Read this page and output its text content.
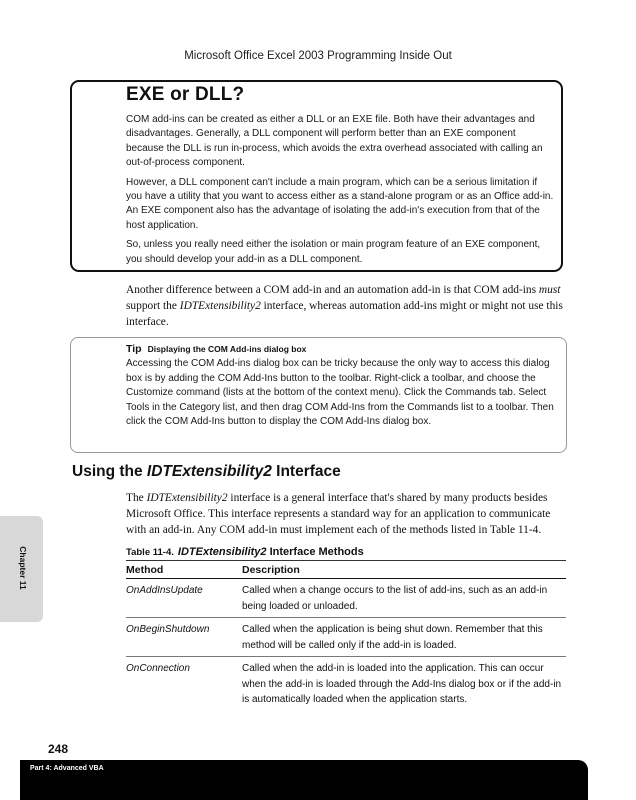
Microsoft Office Excel 2003 Programming Inside Out
EXE or DLL?

COM add-ins can be created as either a DLL or an EXE file. Both have their advantages and disadvantages. Generally, a DLL component will perform better than an EXE component because the DLL is run in-process, which avoids the extra overhead associated with calling an out-of-process component.

However, a DLL component can't include a main program, which can be a serious limitation if you have a utility that you want to access either as a stand-alone program or as an Office add-in. An EXE component also has the advantage of isolating the add-in's execution from that of the host application.

So, unless you really need either the isolation or main program feature of an EXE component, you should develop your add-in as a DLL component.

Another difference between a COM add-in and an automation add-in is that COM add-ins must support the IDTExtensibility2 interface, whereas automation add-ins might or might not use this interface.
Tip Displaying the COM Add-ins dialog box
Accessing the COM Add-ins dialog box can be tricky because the only way to access this dialog box is by adding the COM Add-Ins button to the toolbar. Right-click a toolbar, and choose the Customize command (lists at the bottom of the context menu). Click the Commands tab. Select Tools in the Category list, and then drag COM Add-Ins from the Commands list to a toolbar. Then click the COM Add-Ins button to display the COM Add-Ins dialog box.
Using the IDTExtensibility2 Interface
The IDTExtensibility2 interface is a general interface that's shared by many products besides Microsoft Office. This interface represents a standard way for an application to communicate with an add-in. Any COM add-in must implement each of the methods listed in Table 11-4.
Chapter 11	Table 11-4. IDTExtensibility2 Interface Methods
Method	Description
OnAddInsUpdate	Called when a change occurs to the list of add-ins, such as an add-in being loaded or unloaded.
OnBeginShutdown	Called when the application is being shut down. Remember that this method will be called only if the add-in is loaded.
OnConnection	Called when the add-in is loaded into the application. This can occur when the add-in is loaded through the Add-Ins dialog box or if the add-in is automatically loaded when the application starts.
248
Part 4: Advanced VBA
